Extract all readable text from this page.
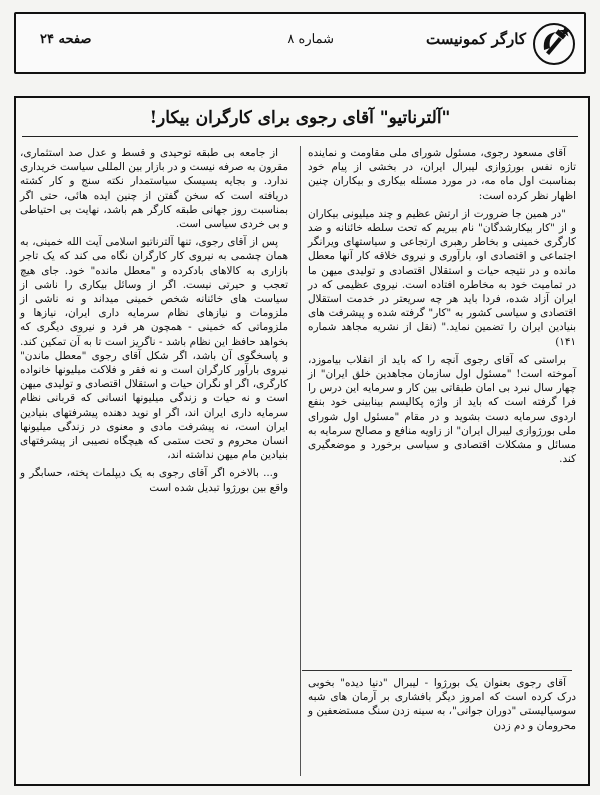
کارگر کمونیست
شماره ۸
صفحه ۲۴
"آلترناتیو" آقای رجوی برای کارگران بیکار!

آقای مسعود رجوی، مسئول شورای ملی مقاومت و نماینده تازه نفس بورژوازی لیبرال ایران، در بخشی از پیام خود بمناسبت اول ماه مه، در مورد مسئله بیکاری و بیکاران چنین اظهار نظر کرده است:

"در همین جا ضرورت از ارتش عظیم و چند میلیونی بیکاران و از "کار بیکارشدگان" نام ببریم که تحت سلطه خائنانه و ضد کارگری خمینی و بخاطر رهبری ارتجاعی و سیاستهای ویرانگر اجتماعی و اقتصادی او، بارآوری و نیروی خلاقه کار آنها معطل مانده و در نتیجه حیات و استقلال اقتصادی و تولیدی میهن ما در تمامیت خود به مخاطره افتاده است. نیروی عظیمی که در ایران آزاد شده، فردا باید هر چه سریعتر در خدمت استقلال اقتصادی و سیاسی کشور به "کار" گرفته شده و پیشرفت های بنیادین ایران را تضمین نماید." (نقل از نشریه مجاهد شماره ۱۴۱)

براستی که آقای رجوی آنچه را که باید از انقلاب بیاموزد، آموخته است! "مسئول اول سازمان مجاهدین خلق ایران" از چهار سال نبرد بی امان طبقاتی بین کار و سرمایه این درس را فرا گرفته است که باید از واژه پکالیسم بینابینی خود بنفع اردوی سرمایه دست بشوید و در مقام "مسئول اول شورای ملی بورژوازی لیبرال ایران" از زاویه منافع و مصالح سرمایه به مسائل و مشکلات اقتصادی و سیاسی برخورد و موضعگیری کند.

از جامعه بی طبقه توحیدی و قسط و عدل صد استثماری، مقرون به صرفه نیست و در بازار بین المللی سیاست خریداری ندارد. و بجایه یسیسک سیاستمدار نکته سنج و کار کشته دریافته است که سخن گفتن از چنین ایده هائی، حتی اگر بمناسبت روز جهانی طبقه کارگر هم باشد، نهایت بی احتیاطی و بی خردی سیاسی است.

پس از آقای رجوی، تنها آلترناتیو اسلامی آیت الله خمینی، به همان چشمی به نیروی کار کارگران نگاه می کند که یک تاجر بازاری به کالاهای بادکرده و "معطل مانده" خود. جای هیچ تعجب و حیرتی نیست. اگر از وسائل بیکاری را ناشی از سیاست های خائنانه شخص خمینی میداند و نه ناشی از ملزومات و نیازهای نظام سرمایه داری ایران، نیازها و ملزوماتی که خمینی - همچون هر فرد و نیروی دیگری که بخواهد حافظ این نظام باشد - ناگریز است تا به آن تمکین کند. و پاسخگوی آن باشد، اگر شکل آقای رجوی "معطل ماندن" نیروی بارآور کارگران است و نه فقر و فلاکت میلیونها خانواده کارگری، اگر او نگران حیات و استقلال اقتصادی و تولیدی میهن است و نه حیات و زندگی میلیونها انسانی که قربانی نظام سرمایه داری ایران اند، اگر او نوید دهنده پیشرفتهای بنیادین ایران است، نه پیشرفت مادی و معنوی در زندگی میلیونها انسان محروم و تحت ستمی که هیچگاه نصیبی از پیشرفتهای بنیادین مام میهن نداشته اند،

و... بالاخره اگر آقای رجوی به یک دیپلمات پخته، حسابگر و واقع بین بورژوا تبدیل شده است

آقای رجوی بعنوان یک بورژوا - لیبرال "دنیا دیده" بخوبی درک کرده است که امروز دیگر بافشاری بر آرمان های شبه سوسیالیستی "دوران جوانی"، به سینه زدن سنگ مستضعفین و محرومان و دم زدن
